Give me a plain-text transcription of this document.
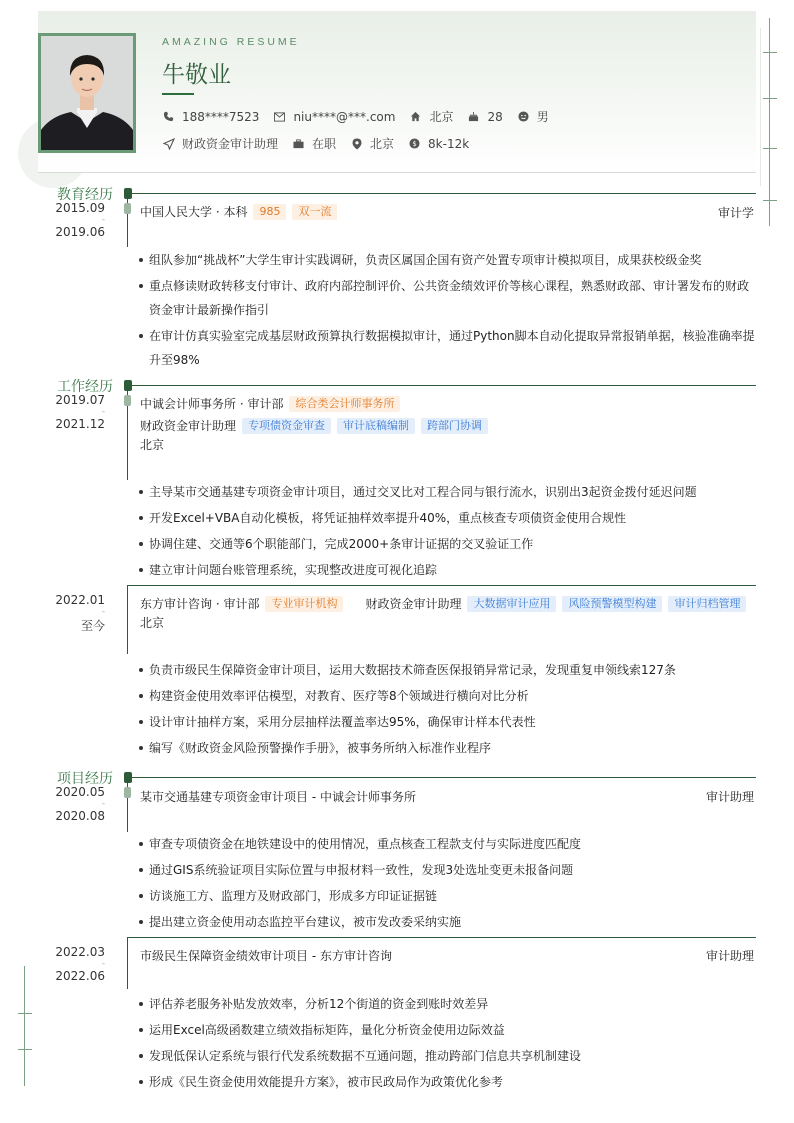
AMAZING RESUME
牛敬业
188****7523	niu****@***.com	北京	28	男
财政资金审计助理	在职	北京 $ 8k-12k
教育经历
2015.09
-
2019.06
中国人民大学 · 本科	985	双一流	审计学
组队参加“挑战杯”大学生审计实践调研，负责区属国企国有资产处置专项审计模拟项目，成果获校级金奖
重点修读财政转移支付审计、政府内部控制评价、公共资金绩效评价等核心课程，熟悉财政部、审计署发布的财政资金审计最新操作指引
在审计仿真实验室完成基层财政预算执行数据模拟审计，通过Python脚本自动化提取异常报销单据，核验准确率提升至98%
工作经历
2019.07
-
2021.12
中诚会计师事务所 · 审计部	综合类会计师事务所
财政资金审计助理	专项债资金审查	审计底稿编制	跨部门协调
北京
主导某市交通基建专项资金审计项目，通过交叉比对工程合同与银行流水，识别出3起资金拨付延迟问题
开发Excel+VBA自动化模板，将凭证抽样效率提升40%，重点核查专项债资金使用合规性
协调住建、交通等6个职能部门，完成2000+条审计证据的交叉验证工作
建立审计问题台账管理系统，实现整改进度可视化追踪
2022.01
-
至今
东方审计咨询 · 审计部	专业审计机构	财政资金审计助理	大数据审计应用	风险预警模型构建	审计归档管理
北京
负责市级民生保障资金审计项目，运用大数据技术筛查医保报销异常记录，发现重复申领线索127条
构建资金使用效率评估模型，对教育、医疗等8个领域进行横向对比分析
设计审计抽样方案，采用分层抽样法覆盖率达95%，确保审计样本代表性
编写《财政资金风险预警操作手册》，被事务所纳入标准作业程序
项目经历
2020.05
-
2020.08
某市交通基建专项资金审计项目 - 中诚会计师事务所	审计助理
审查专项债资金在地铁建设中的使用情况，重点核查工程款支付与实际进度匹配度
通过GIS系统验证项目实际位置与申报材料一致性，发现3处选址变更未报备问题
访谈施工方、监理方及财政部门，形成多方印证证据链
提出建立资金使用动态监控平台建议，被市发改委采纳实施
2022.03
-
2022.06
市级民生保障资金绩效审计项目 - 东方审计咨询	审计助理
评估养老服务补贴发放效率，分析12个街道的资金到账时效差异
运用Excel高级函数建立绩效指标矩阵，量化分析资金使用边际效益
发现低保认定系统与银行代发系统数据不互通问题，推动跨部门信息共享机制建设
形成《民生资金使用效能提升方案》，被市民政局作为政策优化参考
